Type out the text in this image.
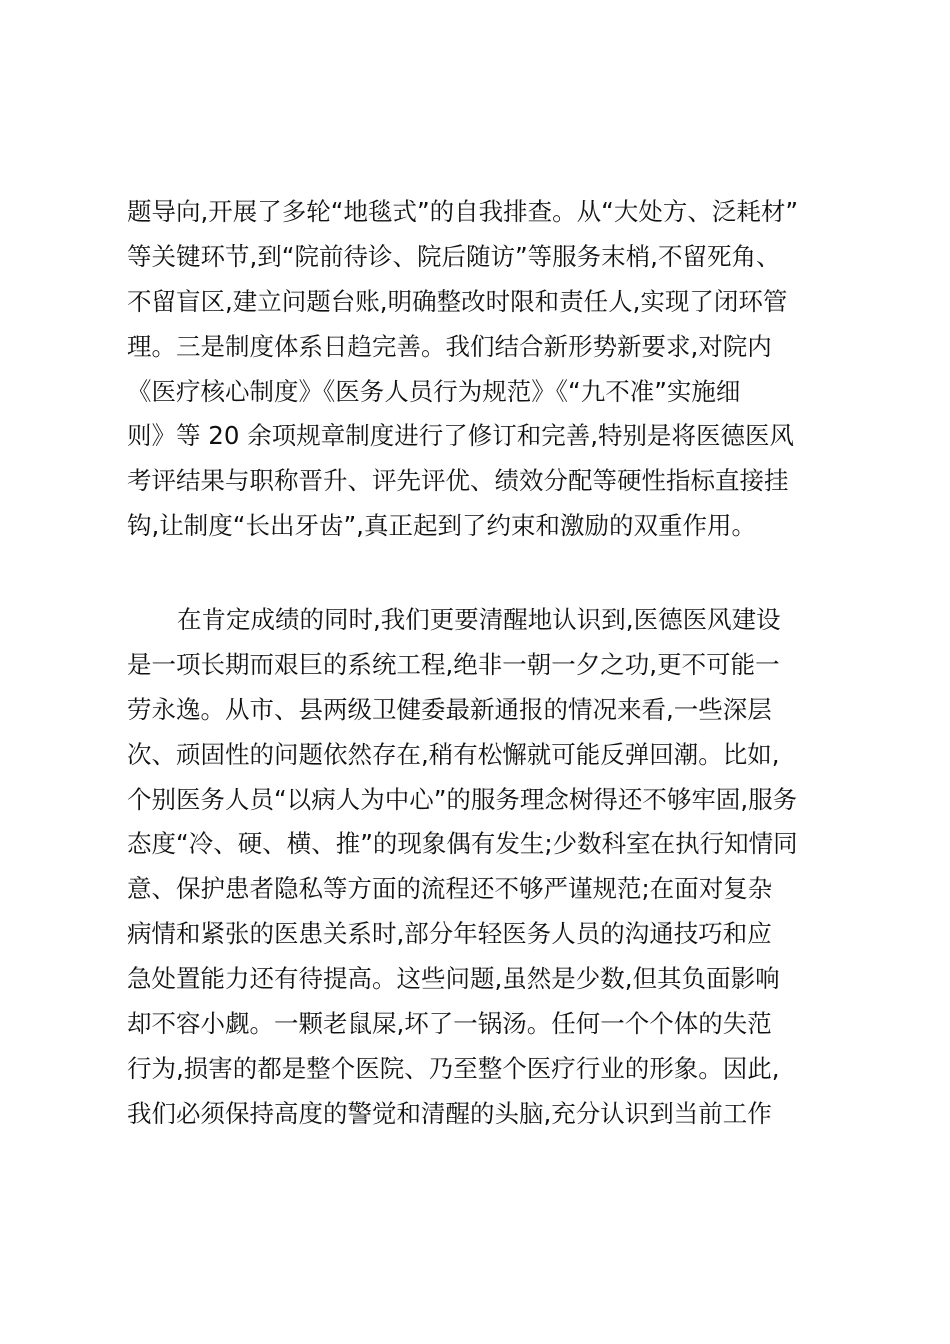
题导向,开展了多轮“地毯式”的自我排查。从“大处方、泛耗材”
等关键环节,到“院前待诊、院后随访”等服务末梢,不留死角、
不留盲区,建立问题台账,明确整改时限和责任人,实现了闭环管
理。三是制度体系日趋完善。我们结合新形势新要求,对院内
《医疗核心制度》《医务人员行为规范》《“九不准”实施细
则》等 20 余项规章制度进行了修订和完善,特别是将医德医风
考评结果与职称晋升、评先评优、绩效分配等硬性指标直接挂
钩,让制度“长出牙齿”,真正起到了约束和激励的双重作用。
在肯定成绩的同时,我们更要清醒地认识到,医德医风建设
是一项长期而艰巨的系统工程,绝非一朝一夕之功,更不可能一
劳永逸。从市、县两级卫健委最新通报的情况来看,一些深层
次、顽固性的问题依然存在,稍有松懈就可能反弹回潮。比如,
个别医务人员“以病人为中心”的服务理念树得还不够牢固,服务
态度“冷、硬、横、推”的现象偶有发生;少数科室在执行知情同
意、保护患者隐私等方面的流程还不够严谨规范;在面对复杂
病情和紧张的医患关系时,部分年轻医务人员的沟通技巧和应
急处置能力还有待提高。这些问题,虽然是少数,但其负面影响
却不容小觑。一颗老鼠屎,坏了一锅汤。任何一个个体的失范
行为,损害的都是整个医院、乃至整个医疗行业的形象。因此,
我们必须保持高度的警觉和清醒的头脑,充分认识到当前工作
